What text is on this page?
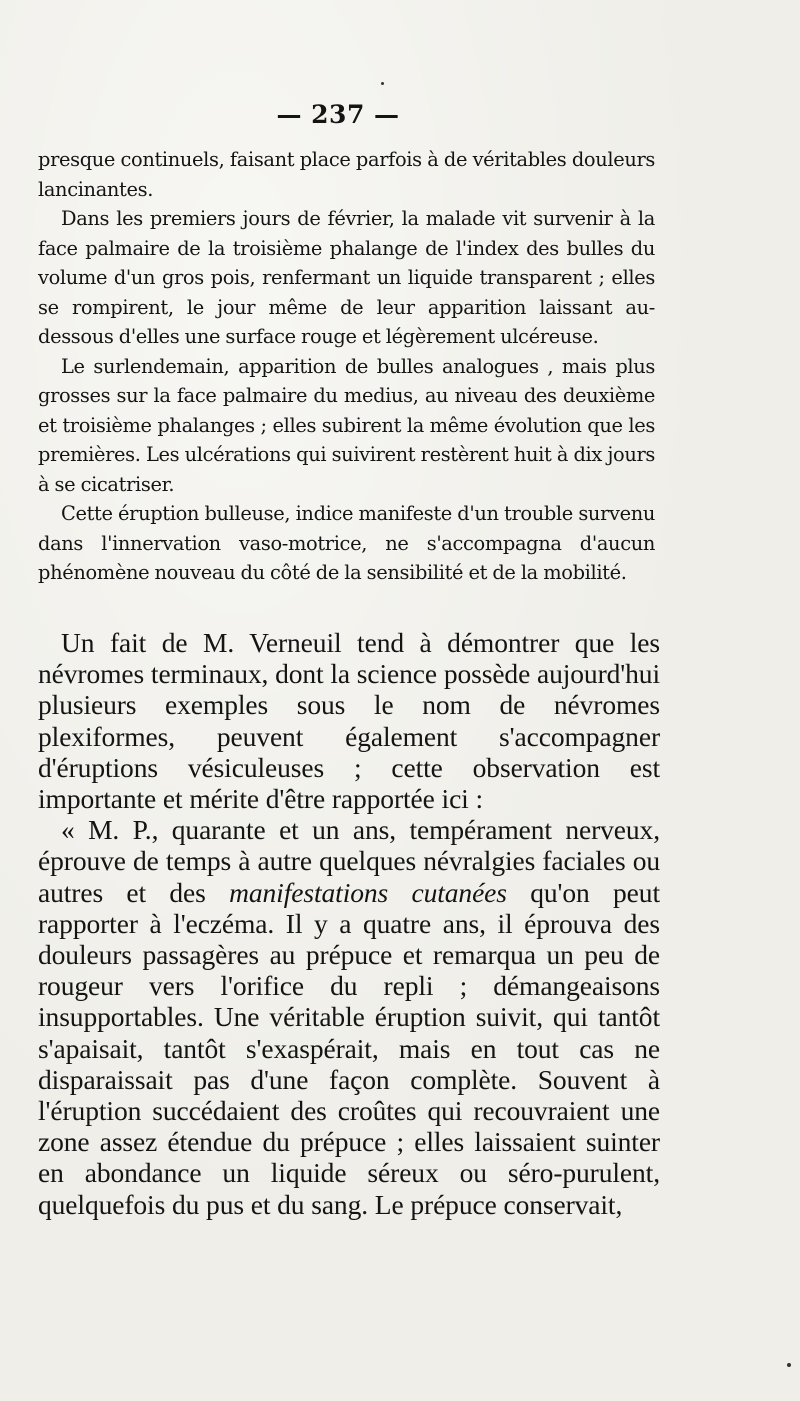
— 237 —

presque continuels, faisant place parfois à de véritables douleurs lancinantes.

Dans les premiers jours de février, la malade vit survenir à la face palmaire de la troisième phalange de l'index des bulles du volume d'un gros pois, renfermant un liquide transparent ; elles se rompirent, le jour même de leur apparition laissant au-dessous d'elles une surface rouge et légèrement ulcéreuse.

Le surlendemain, apparition de bulles analogues , mais plus grosses sur la face palmaire du medius, au niveau des deuxième et troisième phalanges ; elles subirent la même évolution que les premières. Les ulcérations qui suivirent restèrent huit à dix jours à se cicatriser.

Cette éruption bulleuse, indice manifeste d'un trouble survenu dans l'innervation vaso-motrice, ne s'accompagna d'aucun phénomène nouveau du côté de la sensibilité et de la mobilité.

Un fait de M. Verneuil tend à démontrer que les névromes terminaux, dont la science possède aujourd'hui plusieurs exemples sous le nom de névromes plexiformes, peuvent également s'accompagner d'éruptions vésiculeuses ; cette observation est importante et mérite d'être rapportée ici :

« M. P., quarante et un ans, tempérament nerveux, éprouve de temps à autre quelques névralgies faciales ou autres et des manifestations cutanées qu'on peut rapporter à l'eczéma. Il y a quatre ans, il éprouva des douleurs passagères au prépuce et remarqua un peu de rougeur vers l'orifice du repli ; démangeaisons insupportables. Une véritable éruption suivit, qui tantôt s'apaisait, tantôt s'exaspérait, mais en tout cas ne disparaissait pas d'une façon complète. Souvent à l'éruption succédaient des croûtes qui recouvraient une zone assez étendue du prépuce ; elles laissaient suinter en abondance un liquide séreux ou séro-purulent, quelquefois du pus et du sang. Le prépuce conservait,
